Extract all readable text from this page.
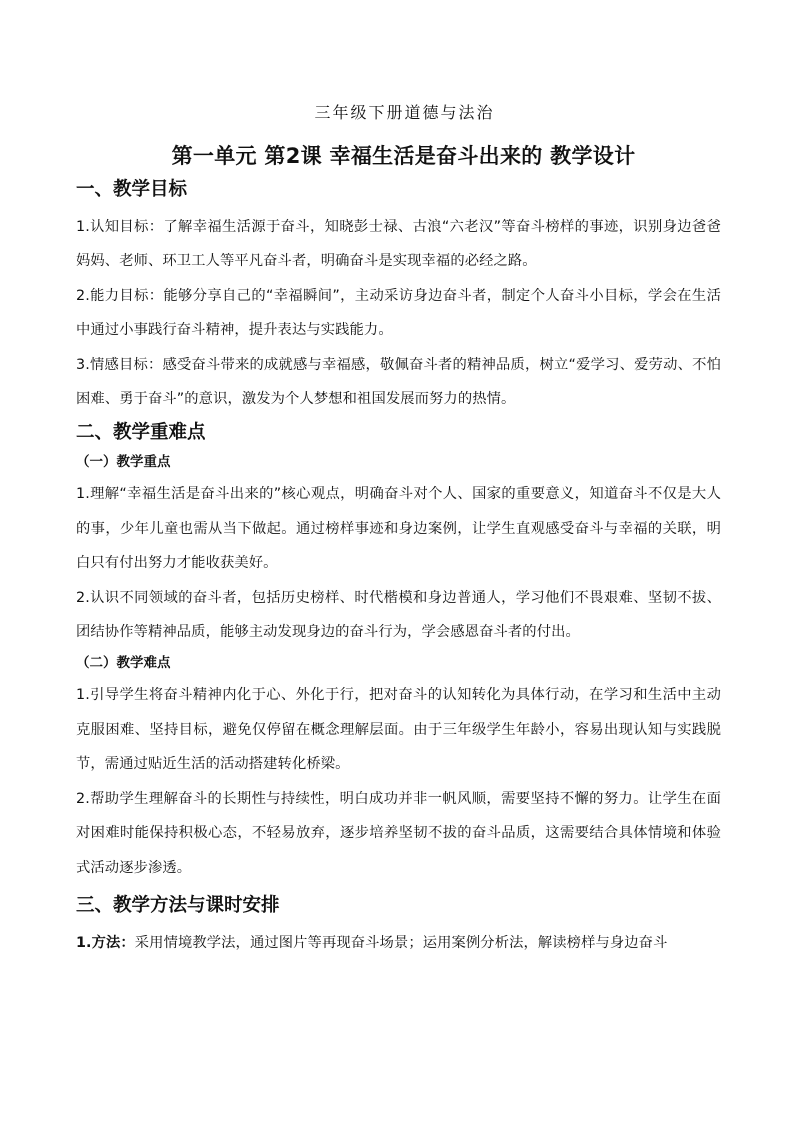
三年级下册道德与法治
第一单元 第2课 幸福生活是奋斗出来的 教学设计
一、教学目标

1.认知目标：了解幸福生活源于奋斗，知晓彭士禄、古浪“六老汉”等奋斗榜样的事迹，识别身边爸爸妈妈、老师、环卫工人等平凡奋斗者，明确奋斗是实现幸福的必经之路。

2.能力目标：能够分享自己的“幸福瞬间”，主动采访身边奋斗者，制定个人奋斗小目标，学会在生活中通过小事践行奋斗精神，提升表达与实践能力。

3.情感目标：感受奋斗带来的成就感与幸福感，敬佩奋斗者的精神品质，树立“爱学习、爱劳动、不怕困难、勇于奋斗”的意识，激发为个人梦想和祖国发展而努力的热情。

二、教学重难点
（一）教学重点

1.理解“幸福生活是奋斗出来的”核心观点，明确奋斗对个人、国家的重要意义，知道奋斗不仅是大人的事，少年儿童也需从当下做起。通过榜样事迹和身边案例，让学生直观感受奋斗与幸福的关联，明白只有付出努力才能收获美好。

2.认识不同领域的奋斗者，包括历史榜样、时代楷模和身边普通人，学习他们不畏艰难、坚韧不拔、团结协作等精神品质，能够主动发现身边的奋斗行为，学会感恩奋斗者的付出。

（二）教学难点

1.引导学生将奋斗精神内化于心、外化于行，把对奋斗的认知转化为具体行动，在学习和生活中主动克服困难、坚持目标，避免仅停留在概念理解层面。由于三年级学生年龄小，容易出现认知与实践脱节，需通过贴近生活的活动搭建转化桥梁。

2.帮助学生理解奋斗的长期性与持续性，明白成功并非一帆风顺，需要坚持不懈的努力。让学生在面对困难时能保持积极心态，不轻易放弃，逐步培养坚韧不拔的奋斗品质，这需要结合具体情境和体验式活动逐步渗透。

三、教学方法与课时安排

1.方法：采用情境教学法，通过图片等再现奋斗场景；运用案例分析法，解读榜样与身边奋斗
